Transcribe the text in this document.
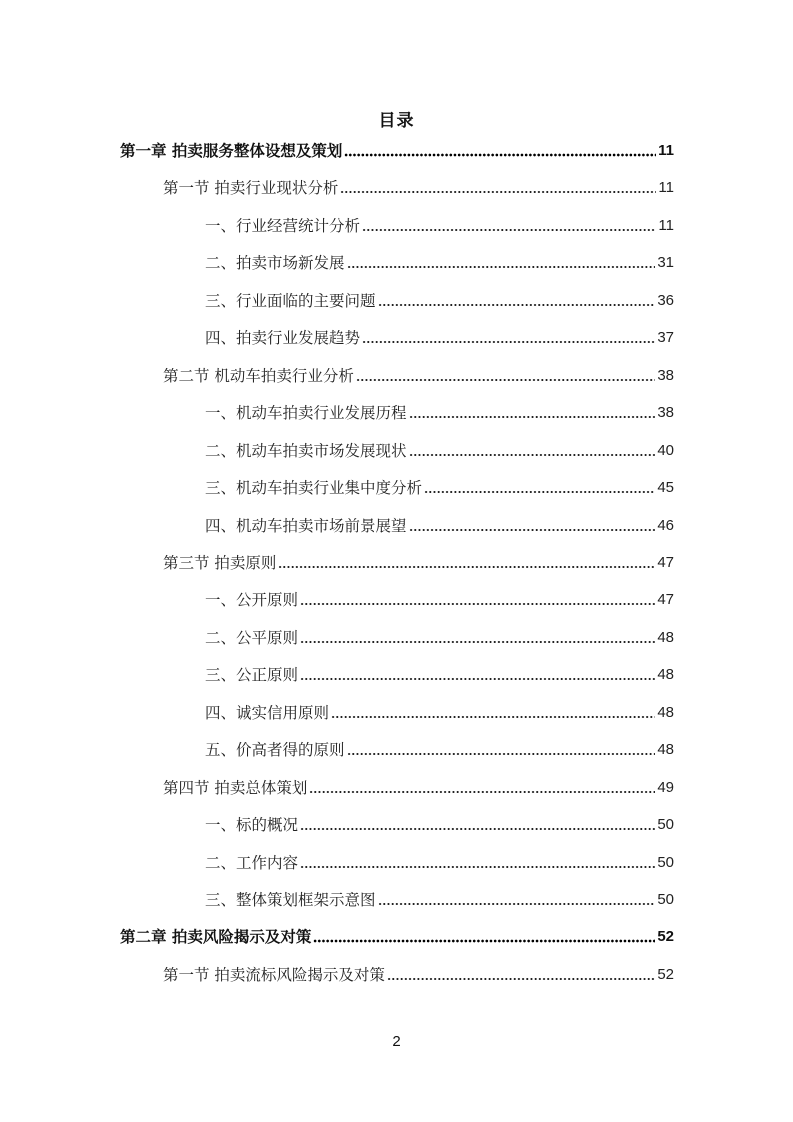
目录
第一章 拍卖服务整体设想及策划	11
第一节 拍卖行业现状分析	11
一、行业经营统计分析	11
二、拍卖市场新发展	31
三、行业面临的主要问题	36
四、拍卖行业发展趋势	37
第二节 机动车拍卖行业分析	38
一、机动车拍卖行业发展历程	38
二、机动车拍卖市场发展现状	40
三、机动车拍卖行业集中度分析	45
四、机动车拍卖市场前景展望	46
第三节 拍卖原则	47
一、公开原则	47
二、公平原则	48
三、公正原则	48
四、诚实信用原则	48
五、价高者得的原则	48
第四节 拍卖总体策划	49
一、标的概况	50
二、工作内容	50
三、整体策划框架示意图	50
第二章 拍卖风险揭示及对策	52
第一节 拍卖流标风险揭示及对策	52
2
